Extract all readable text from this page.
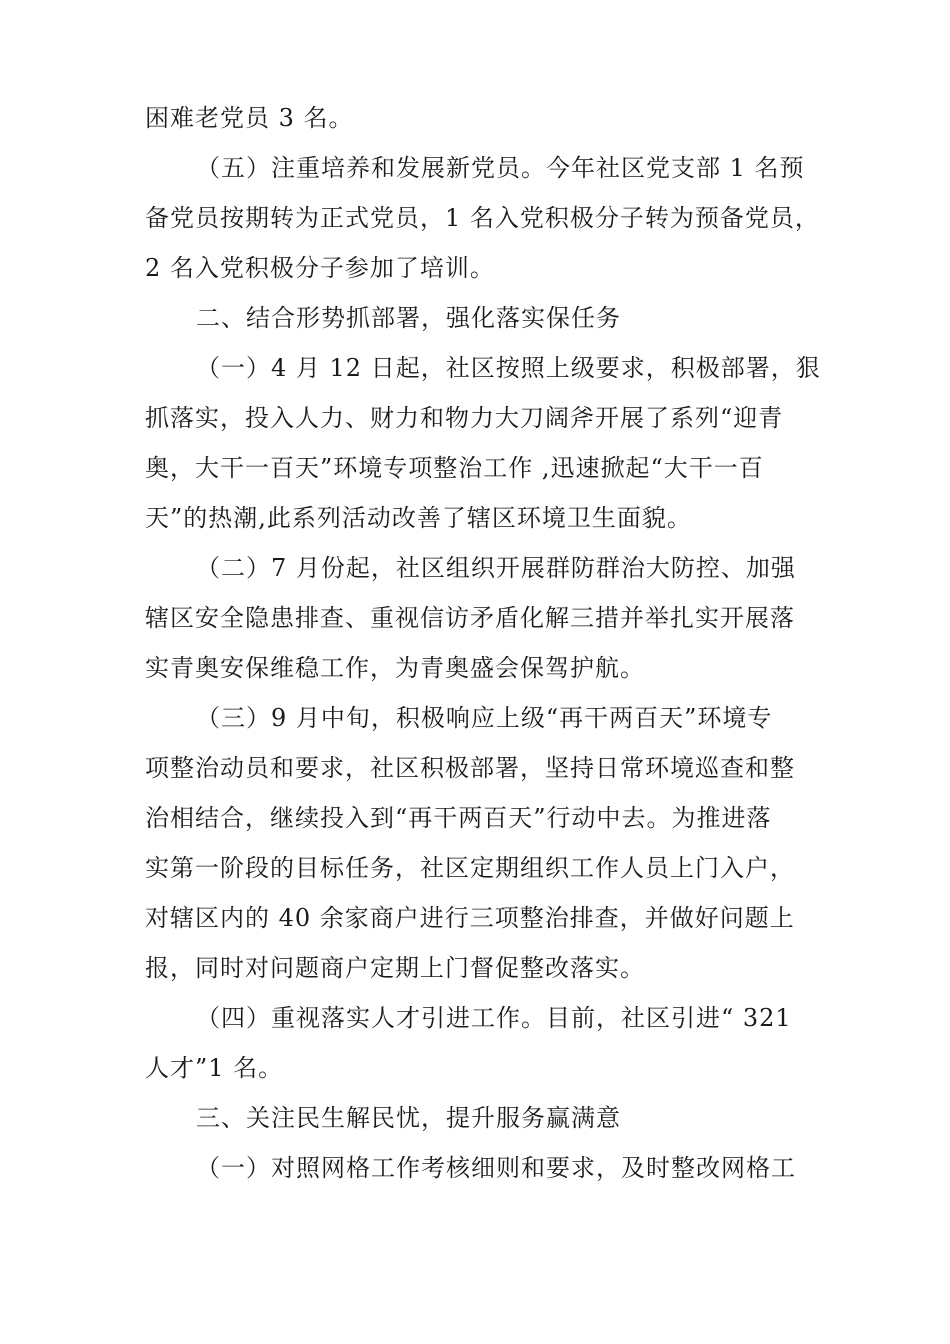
困难老党员 3 名。
（五）注重培养和发展新党员。今年社区党支部 1 名预
备党员按期转为正式党员，1 名入党积极分子转为预备党员，
2 名入党积极分子参加了培训。
二、结合形势抓部署，强化落实保任务
（一）4 月 12 日起，社区按照上级要求，积极部署，狠
抓落实，投入人力、财力和物力大刀阔斧开展了系列“迎青
奥，大干一百天”环境专项整治工作 ,迅速掀起“大干一百
天”的热潮,此系列活动改善了辖区环境卫生面貌。
（二）7 月份起，社区组织开展群防群治大防控、加强
辖区安全隐患排查、重视信访矛盾化解三措并举扎实开展落
实青奥安保维稳工作，为青奥盛会保驾护航。
（三）9 月中旬，积极响应上级“再干两百天”环境专
项整治动员和要求，社区积极部署，坚持日常环境巡查和整
治相结合，继续投入到“再干两百天”行动中去。为推进落
实第一阶段的目标任务，社区定期组织工作人员上门入户，
对辖区内的 40 余家商户进行三项整治排查，并做好问题上
报，同时对问题商户定期上门督促整改落实。
（四）重视落实人才引进工作。目前，社区引进“ 321
人才”1 名。
三、关注民生解民忧，提升服务赢满意
（一）对照网格工作考核细则和要求，及时整改网格工
